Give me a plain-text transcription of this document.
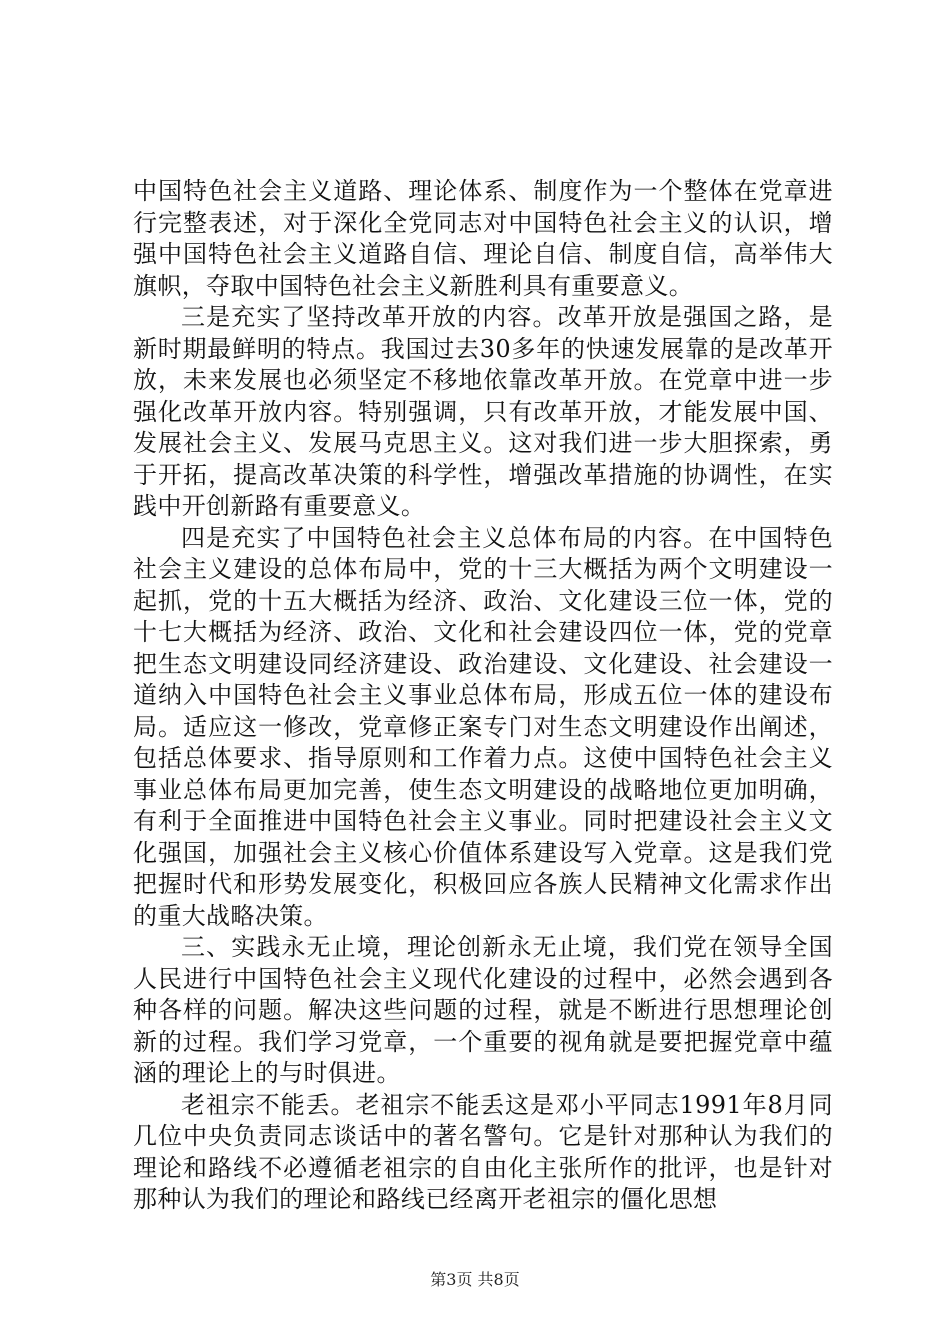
中国特色社会主义道路、理论体系、制度作为一个整体在党章进行完整表述，对于深化全党同志对中国特色社会主义的认识，增强中国特色社会主义道路自信、理论自信、制度自信，高举伟大旗帜，夺取中国特色社会主义新胜利具有重要意义。

三是充实了坚持改革开放的内容。改革开放是强国之路，是新时期最鲜明的特点。我国过去30多年的快速发展靠的是改革开放，未来发展也必须坚定不移地依靠改革开放。在党章中进一步强化改革开放内容。特别强调，只有改革开放，才能发展中国、发展社会主义、发展马克思主义。这对我们进一步大胆探索，勇于开拓，提高改革决策的科学性，增强改革措施的协调性，在实践中开创新路有重要意义。

四是充实了中国特色社会主义总体布局的内容。在中国特色社会主义建设的总体布局中，党的十三大概括为两个文明建设一起抓，党的十五大概括为经济、政治、文化建设三位一体，党的十七大概括为经济、政治、文化和社会建设四位一体，党的党章把生态文明建设同经济建设、政治建设、文化建设、社会建设一道纳入中国特色社会主义事业总体布局，形成五位一体的建设布局。适应这一修改，党章修正案专门对生态文明建设作出阐述，包括总体要求、指导原则和工作着力点。这使中国特色社会主义事业总体布局更加完善，使生态文明建设的战略地位更加明确，有利于全面推进中国特色社会主义事业。同时把建设社会主义文化强国，加强社会主义核心价值体系建设写入党章。这是我们党把握时代和形势发展变化，积极回应各族人民精神文化需求作出的重大战略决策。

三、实践永无止境，理论创新永无止境，我们党在领导全国人民进行中国特色社会主义现代化建设的过程中，必然会遇到各种各样的问题。解决这些问题的过程，就是不断进行思想理论创新的过程。我们学习党章，一个重要的视角就是要把握党章中蕴涵的理论上的与时俱进。

老祖宗不能丢。老祖宗不能丢这是邓小平同志1991年8月同几位中央负责同志谈话中的著名警句。它是针对那种认为我们的理论和路线不必遵循老祖宗的自由化主张所作的批评，也是针对那种认为我们的理论和路线已经离开老祖宗的僵化思想

第3页 共8页
